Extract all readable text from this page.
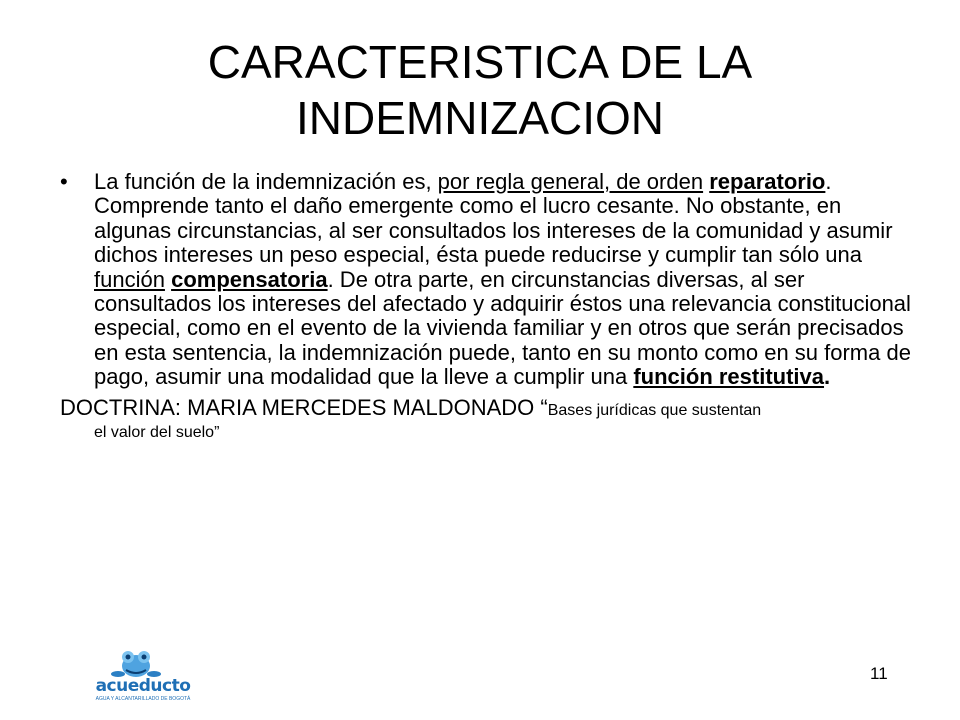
CARACTERISTICA DE LA INDEMNIZACION
•	La función de la indemnización es, por regla general, de orden reparatorio. Comprende tanto el daño emergente como el lucro cesante. No obstante, en algunas circunstancias, al ser consultados los intereses de la comunidad y asumir dichos intereses un peso especial, ésta puede reducirse y cumplir tan sólo una función compensatoria. De otra parte, en circunstancias diversas, al ser consultados los intereses del afectado y adquirir éstos una relevancia constitucional especial, como en el evento de la vivienda familiar y en otros que serán precisados en esta sentencia, la indemnización puede, tanto en su monto como en su forma de pago, asumir una modalidad que la lleve a cumplir una función restitutiva.
DOCTRINA: MARIA MERCEDES MALDONADO “Bases jurídicas que sustentan
el valor del suelo”
acueducto
AGUA Y ALCANTARILLADO DE BOGOTÁ
11
